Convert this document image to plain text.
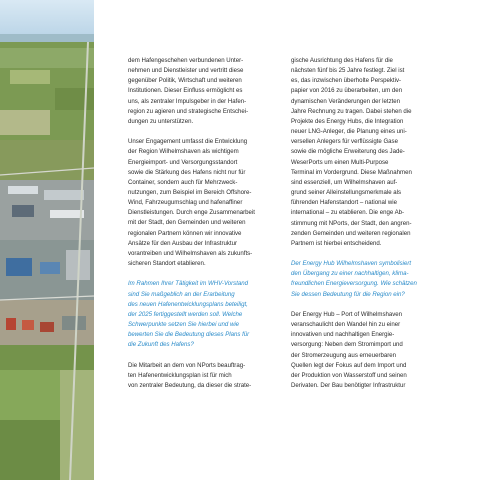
dem Hafengeschehen verbundenen Unter-
nehmen und Dienstleister und vertritt diese
gegenüber Politik, Wirtschaft und weiteren
Institutionen. Dieser Einfluss ermöglicht es
uns, als zentraler Impulsgeber in der Hafen-
region zu agieren und strategische Entschei-
dungen zu unterstützen.

Unser Engagement umfasst die Entwicklung
der Region Wilhelmshaven als wichtigem
Energieimport- und Versorgungsstandort
sowie die Stärkung des Hafens nicht nur für
Container, sondern auch für Mehrzweck-
nutzungen, zum Beispiel im Bereich Offshore-
Wind, Fahrzeugumschlag und hafenaffiner
Dienstleistungen. Durch enge Zusammenarbeit
mit der Stadt, den Gemeinden und weiteren
regionalen Partnern können wir innovative
Ansätze für den Ausbau der Infrastruktur
vorantreiben und Wilhelmshaven als zukunfts-
sicheren Standort etablieren.

Im Rahmen Ihrer Tätigkeit im WHV-Vorstand
sind Sie maßgeblich an der Erarbeitung
des neuen Hafenentwicklungsplans beteiligt,
der 2025 fertiggestellt werden soll. Welche
Schwerpunkte setzen Sie hierbei und wie
bewerten Sie die Bedeutung dieses Plans für
die Zukunft des Hafens?

Die Mitarbeit an dem von NPorts beauftrag-
ten Hafenentwicklungsplan ist für mich
von zentraler Bedeutung, da dieser die strate-

gische Ausrichtung des Hafens für die
nächsten fünf bis 25 Jahre festlegt. Ziel ist
es, das inzwischen überholte Perspektiv-
papier von 2016 zu überarbeiten, um den
dynamischen Veränderungen der letzten
Jahre Rechnung zu tragen. Dabei stehen die
Projekte des Energy Hubs, die Integration
neuer LNG-Anleger, die Planung eines uni-
versellen Anlegers für verflüssigte Gase
sowie die mögliche Erweiterung des Jade-
WeserPorts um einen Multi-Purpose
Terminal im Vordergrund. Diese Maßnahmen
sind essenziell, um Wilhelmshaven auf-
grund seiner Alleinstellungsmerkmale als
führenden Hafenstandort – national wie
international – zu etablieren. Die enge Ab-
stimmung mit NPorts, der Stadt, den angren-
zenden Gemeinden und weiteren regionalen
Partnern ist hierbei entscheidend.

Der Energy Hub Wilhelmshaven symbolisiert
den Übergang zu einer nachhaltigen, klima-
freundlichen Energieversorgung. Wie schätzen
Sie dessen Bedeutung für die Region ein?

Der Energy Hub – Port of Wilhelmshaven
veranschaulicht den Wandel hin zu einer
innovativen und nachhaltigen Energie-
versorgung: Neben dem Stromimport und
der Stromerzeugung aus erneuerbaren
Quellen legt der Fokus auf dem Import und
der Produktion von Wasserstoff und seinen
Derivaten. Der Bau benötigter Infrastruktur
